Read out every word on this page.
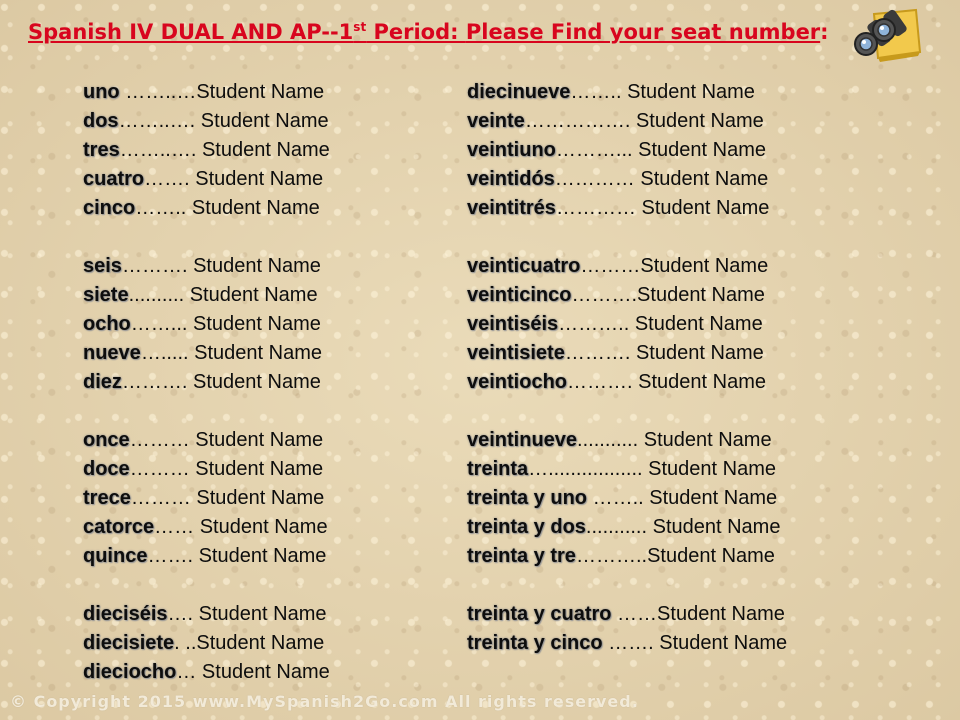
Spanish IV DUAL AND AP--1st Period: Please Find your seat number:
uno ……..…Student Name
dos……..…. Student Name
tres……..…. Student Name
cuatro……. Student Name
cinco…….. Student Name
seis………. Student Name
siete.......... Student Name
ocho……... Student Name
nueve…..... Student Name
diez………. Student Name
once……… Student Name
doce……… Student Name
trece……… Student Name
catorce…… Student Name
quince……. Student Name
dieciséis…. Student Name
diecisiete. ..Student Name
dieciocho… Student Name
diecinueve…….. Student Name
veinte……………. Student Name
veintiuno………... Student Name
veintidós………… Student Name
veintitrés………… Student Name
veinticuatro………Student Name
veinticinco……….Student Name
veintiséis……….. Student Name
veintisiete………. Student Name
veintiocho………. Student Name
veintinueve........... Student Name
treinta…................. Student Name
treinta y uno …….. Student Name
treinta y dos........... Student Name
treinta y tre………..Student Name
treinta y cuatro ……Student Name
treinta y cinco ……. Student Name

© Copyright 2015 www.MySpanish2Go.com All rights reserved.
